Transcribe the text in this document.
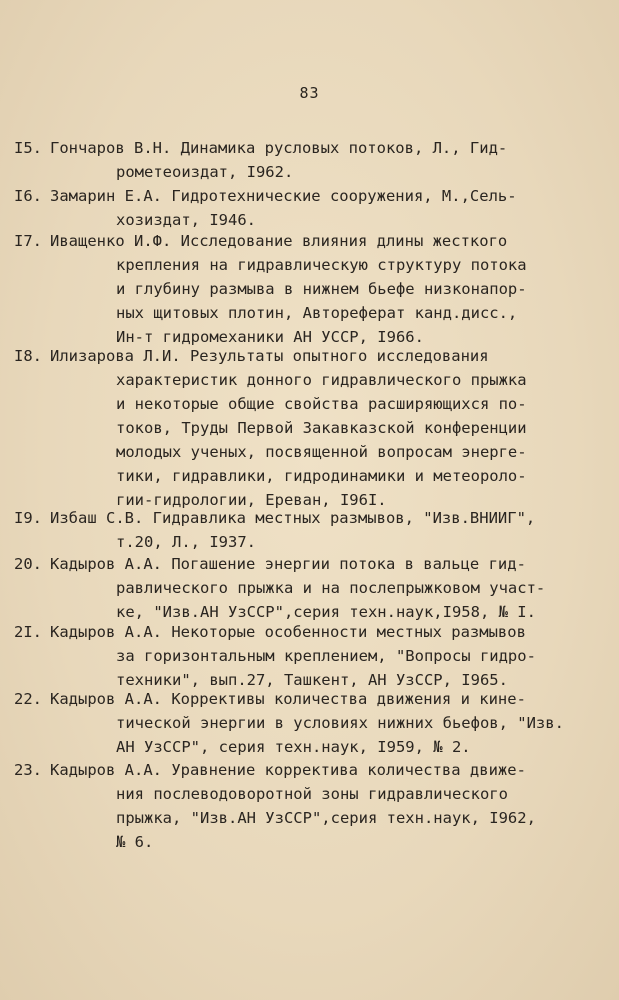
83
I5. Гончаров В.Н. Динамика русловых потоков, Л., Гид-
рометеоиздат, I962.
I6. Замарин Е.А. Гидротехнические сооружения, М.,Сель-
хозиздат, I946.
I7. Иващенко И.Ф. Исследование влияния длины жесткого
крепления на гидравлическую структуру потока
и глубину размыва в нижнем бьефе низконапор-
ных щитовых плотин, Автореферат канд.дисс.,
Ин-т гидромеханики АН УССР, I966.
I8. Илизарова Л.И. Результаты опытного исследования
характеристик донного гидравлического прыжка
и некоторые общие свойства расширяющихся по-
токов, Труды Первой Закавказской конференции
молодых ученых, посвященной вопросам энерге-
тики, гидравлики, гидродинамики и метеороло-
гии-гидрологии, Ереван, I96I.
I9. Избаш С.В. Гидравлика местных размывов, "Изв.ВНИИГ",
т.20, Л., I937.
20. Кадыров А.А. Погашение энергии потока в вальце гид-
равлического прыжка и на послепрыжковом участ-
ке, "Изв.АН УзССР",серия техн.наук,I958, № I.
2I. Кадыров А.А. Некоторые особенности местных размывов
за горизонтальным креплением, "Вопросы гидро-
техники", вып.27, Ташкент, АН УзССР, I965.
22. Кадыров А.А. Коррективы количества движения и кине-
тической энергии в условиях нижних бьефов, "Изв.
АН УзССР", серия техн.наук, I959, № 2.
23. Кадыров А.А. Уравнение корректива количества движе-
ния послеводоворотной зоны гидравлического
прыжка, "Изв.АН УзССР",серия техн.наук, I962,
№ 6.
